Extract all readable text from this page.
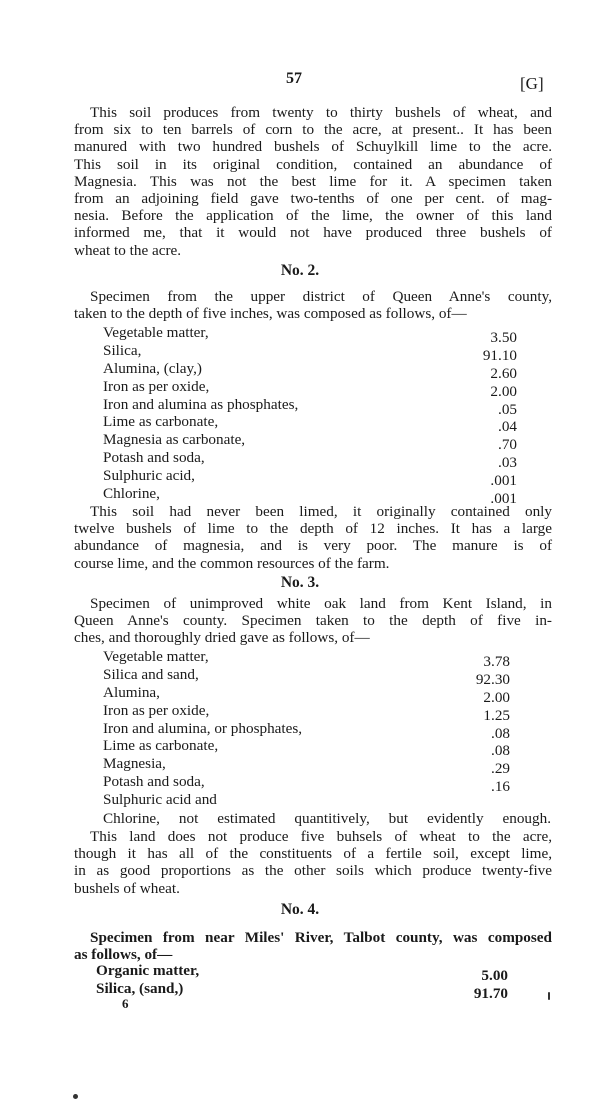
57	[G]
This soil produces from twenty to thirty bushels of wheat, and
from six to ten barrels of corn to the acre, at present.. It has been
manured with two hundred bushels of Schuylkill lime to the acre.
This soil in its original condition, contained an abundance of
Magnesia. This was not the best lime for it. A specimen taken
from an adjoining field gave two-tenths of one per cent. of mag-
nesia. Before the application of the lime, the owner of this land
informed me, that it would not have produced three bushels of
wheat to the acre.
No. 2.
Specimen from the upper district of Queen Anne's county,
taken to the depth of five inches, was composed as follows, of—
Vegetable matter,	3.50
Silica,	91.10
Alumina, (clay,)	2.60
Iron as per oxide,	2.00
Iron and alumina as phosphates,	.05
Lime as carbonate,	.04
Magnesia as carbonate,	.70
Potash and soda,	.03
Sulphuric acid,	.001
Chlorine,	.001
This soil had never been limed, it originally contained only
twelve bushels of lime to the depth of 12 inches. It has a large
abundance of magnesia, and is very poor. The manure is of
course lime, and the common resources of the farm.
No. 3.
Specimen of unimproved white oak land from Kent Island, in
Queen Anne's county. Specimen taken to the depth of five in-
ches, and thoroughly dried gave as follows, of—
Vegetable matter,	3.78
Silica and sand,	92.30
Alumina,	2.00
Iron as per oxide,	1.25
Iron and alumina, or phosphates,	.08
Lime as carbonate,	.08
Magnesia,	.29
Potash and soda,	.16
Sulphuric acid and
Chlorine, not estimated quantitively, but evidently enough.
This land does not produce five buhsels of wheat to the acre,
though it has all of the constituents of a fertile soil, except lime,
in as good proportions as the other soils which produce twenty-five
bushels of wheat.
No. 4.
Specimen from near Miles' River, Talbot county, was composed
as follows, of—
Organic matter,	5.00
Silica, (sand,)	91.70
6
